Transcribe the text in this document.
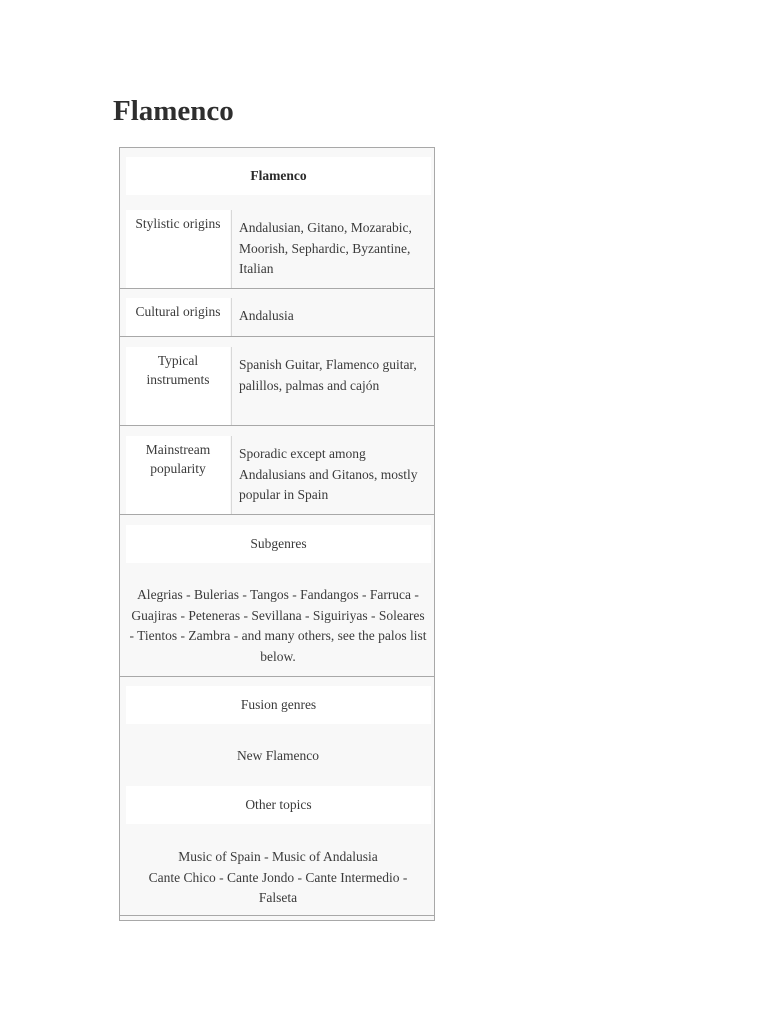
Flamenco
Flamenco
Stylistic origins	Andalusian, Gitano, Mozarabic, Moorish, Sephardic, Byzantine, Italian
Cultural origins	Andalusia
Typical instruments
Spanish Guitar, Flamenco guitar, palillos, palmas and cajón
Mainstream popularity
Sporadic except among Andalusians and Gitanos, mostly popular in Spain
Subgenres
Alegrias - Bulerias - Tangos - Fandangos - Farruca - Guajiras - Peteneras - Sevillana - Siguiriyas - Soleares - Tientos - Zambra - and many others, see the palos list below.
Fusion genres
New Flamenco
Other topics
Music of Spain - Music of Andalusia
Cante Chico - Cante Jondo - Cante Intermedio - Falseta
